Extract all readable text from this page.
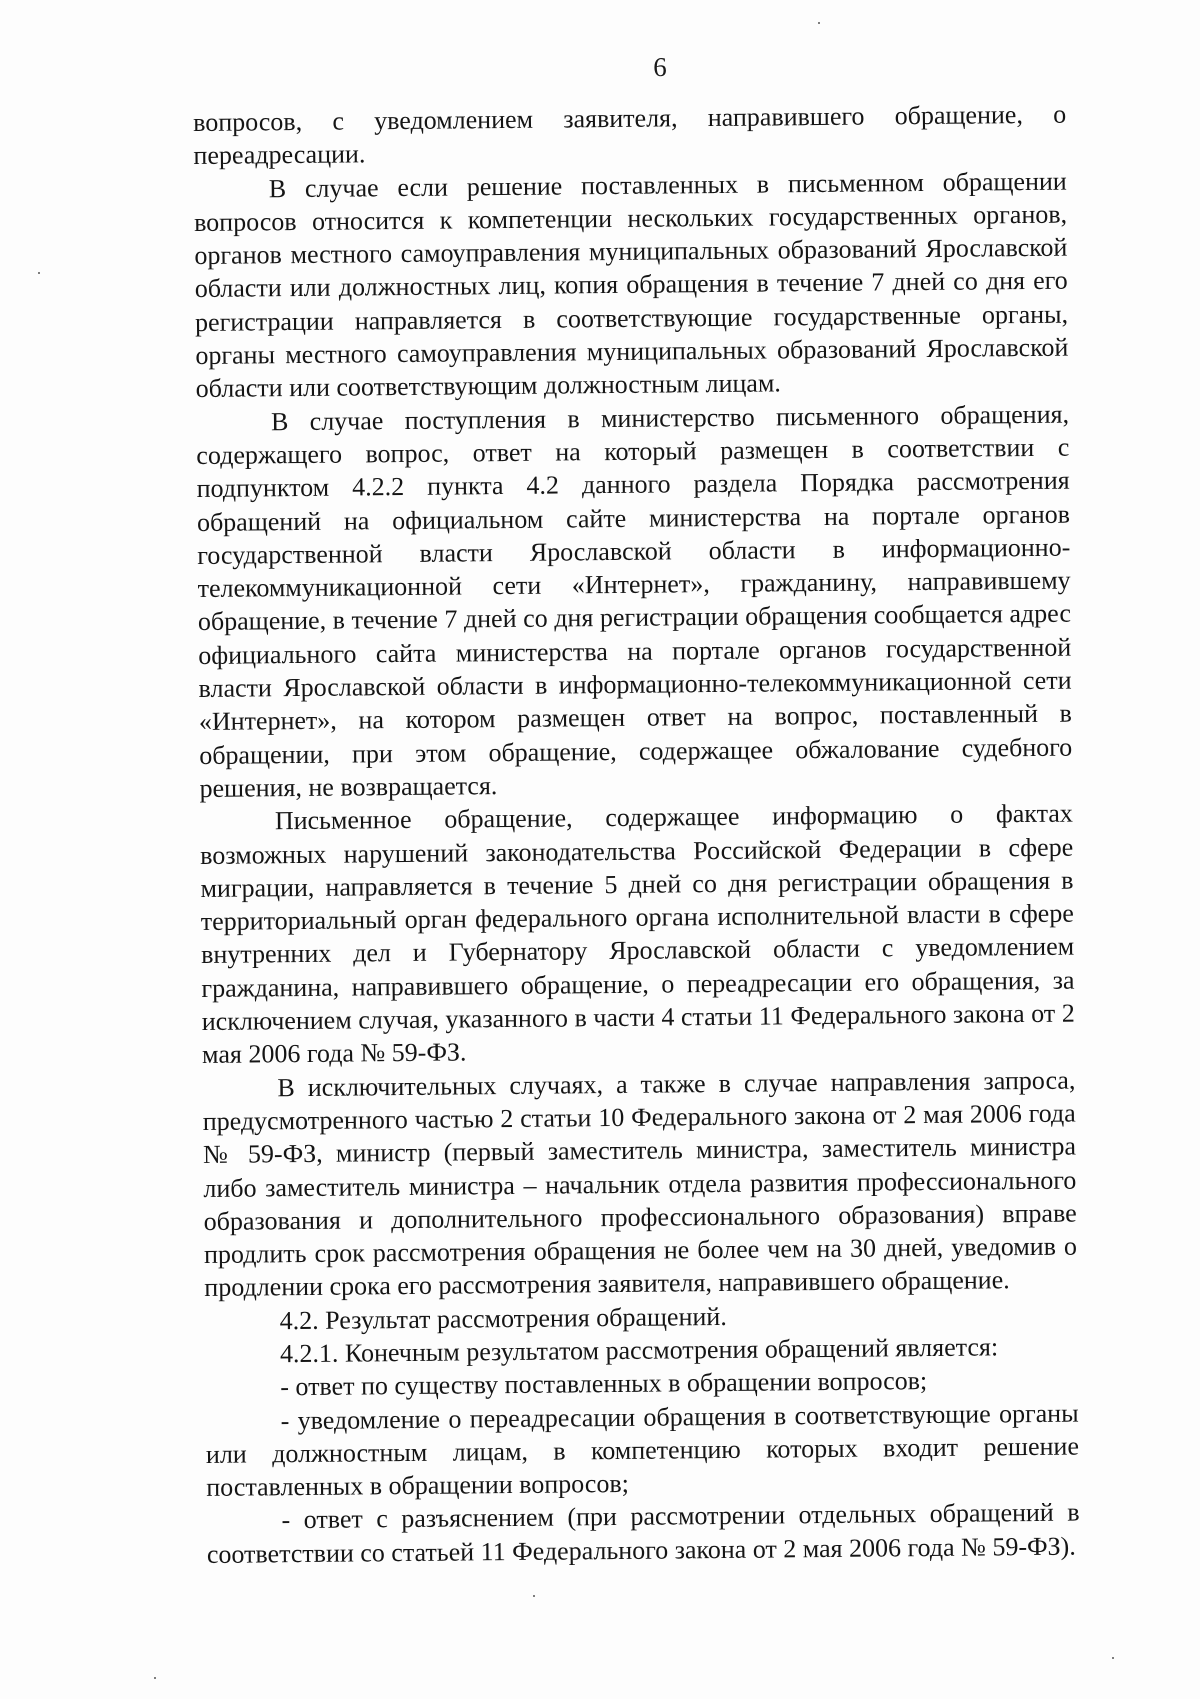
6

вопросов, с уведомлением заявителя, направившего обращение, о переадресации.

В случае если решение поставленных в письменном обращении вопросов относится к компетенции нескольких государственных органов, органов местного самоуправления муниципальных образований Ярославской области или должностных лиц, копия обращения в течение 7 дней со дня его регистрации направляется в соответствующие государственные органы, органы местного самоуправления муниципальных образований Ярославской области или соответствующим должностным лицам.

В случае поступления в министерство письменного обращения, содержащего вопрос, ответ на который размещен в соответствии с подпунктом 4.2.2 пункта 4.2 данного раздела Порядка рассмотрения обращений на официальном сайте министерства на портале органов государственной власти Ярославской области в информационно-телекоммуникационной сети «Интернет», гражданину, направившему обращение, в течение 7 дней со дня регистрации обращения сообщается адрес официального сайта министерства на портале органов государственной власти Ярославской области в информационно-телекоммуникационной сети «Интернет», на котором размещен ответ на вопрос, поставленный в обращении, при этом обращение, содержащее обжалование судебного решения, не возвращается.

Письменное обращение, содержащее информацию о фактах возможных нарушений законодательства Российской Федерации в сфере миграции, направляется в течение 5 дней со дня регистрации обращения в территориальный орган федерального органа исполнительной власти в сфере внутренних дел и Губернатору Ярославской области с уведомлением гражданина, направившего обращение, о переадресации его обращения, за исключением случая, указанного в части 4 статьи 11 Федерального закона от 2 мая 2006 года № 59-ФЗ.

В исключительных случаях, а также в случае направления запроса, предусмотренного частью 2 статьи 10 Федерального закона от 2 мая 2006 года № 59-ФЗ, министр (первый заместитель министра, заместитель министра либо заместитель министра – начальник отдела развития профессионального образования и дополнительного профессионального образования) вправе продлить срок рассмотрения обращения не более чем на 30 дней, уведомив о продлении срока его рассмотрения заявителя, направившего обращение.

4.2. Результат рассмотрения обращений.

4.2.1. Конечным результатом рассмотрения обращений является:

- ответ по существу поставленных в обращении вопросов;

- уведомление о переадресации обращения в соответствующие органы или должностным лицам, в компетенцию которых входит решение поставленных в обращении вопросов;

- ответ с разъяснением (при рассмотрении отдельных обращений в соответствии со статьей 11 Федерального закона от 2 мая 2006 года № 59-ФЗ).
